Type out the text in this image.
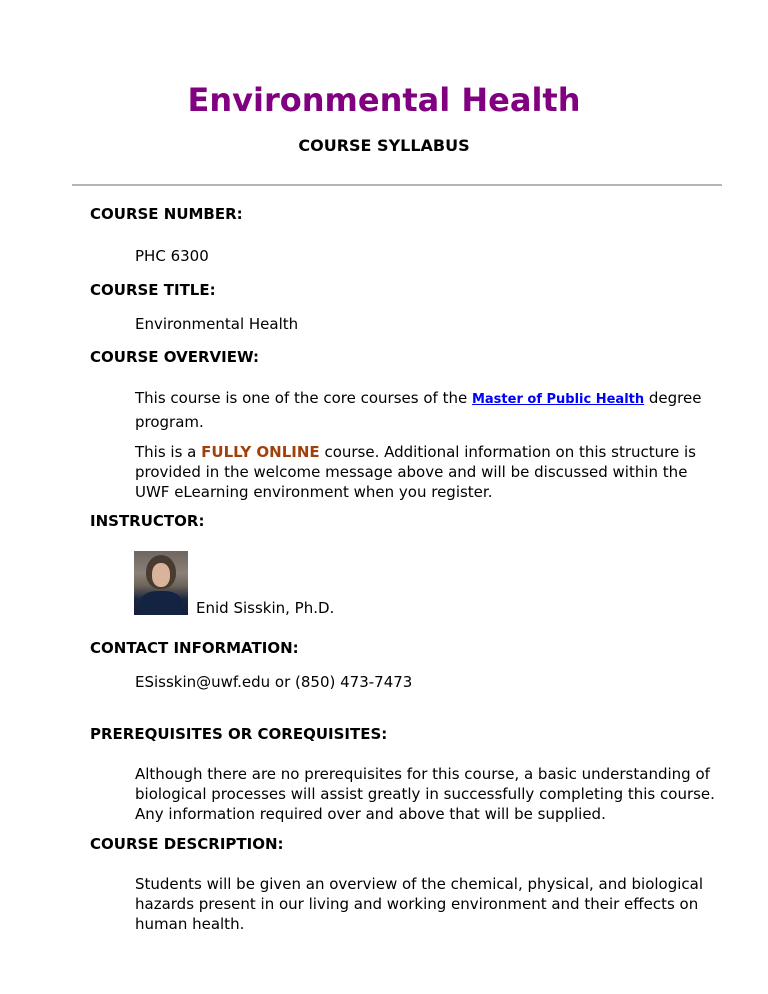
Environmental Health
COURSE SYLLABUS
COURSE NUMBER:
PHC 6300
COURSE TITLE:
Environmental Health
COURSE OVERVIEW:
This course is one of the core courses of the Master of Public Health degree program.
This is a FULLY ONLINE course. Additional information on this structure is provided in the welcome message above and will be discussed within the UWF eLearning environment when you register.
INSTRUCTOR:
Enid Sisskin, Ph.D.
CONTACT INFORMATION:
ESisskin@uwf.edu or (850) 473-7473
PREREQUISITES OR COREQUISITES:
Although there are no prerequisites for this course, a basic understanding of biological processes will assist greatly in successfully completing this course. Any information required over and above that will be supplied.
COURSE DESCRIPTION:
Students will be given an overview of the chemical, physical, and biological hazards present in our living and working environment and their effects on human health.
